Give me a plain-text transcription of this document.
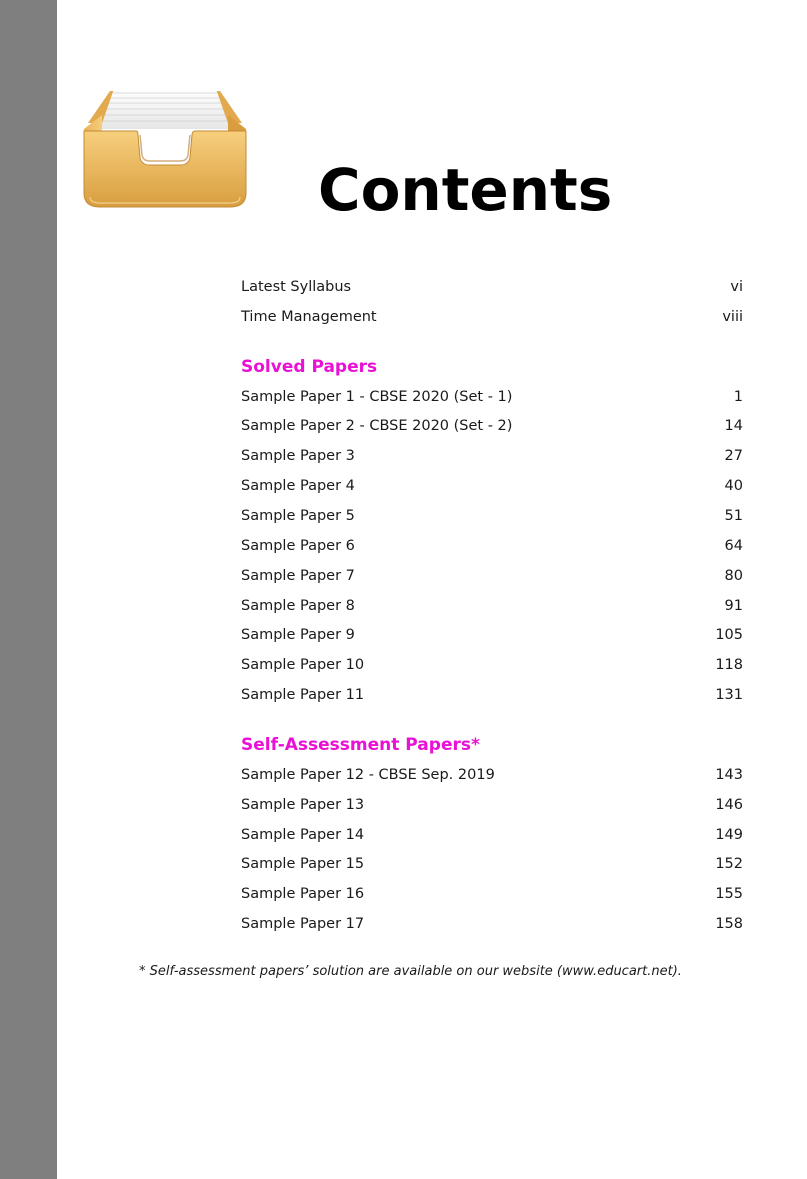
Contents
Latest Syllabus	vi
Time Management	viii
Solved Papers
Sample Paper 1 - CBSE 2020 (Set - 1)	1
Sample Paper 2 - CBSE 2020 (Set - 2)	14
Sample Paper 3	27
Sample Paper 4	40
Sample Paper 5	51
Sample Paper 6	64
Sample Paper 7	80
Sample Paper 8	91
Sample Paper 9	105
Sample Paper 10	118
Sample Paper 11	131
Self-Assessment Papers*
Sample Paper 12 - CBSE Sep. 2019	143
Sample Paper 13	146
Sample Paper 14	149
Sample Paper 15	152
Sample Paper 16	155
Sample Paper 17	158
* Self-assessment papers’ solution are available on our website (www.educart.net).
